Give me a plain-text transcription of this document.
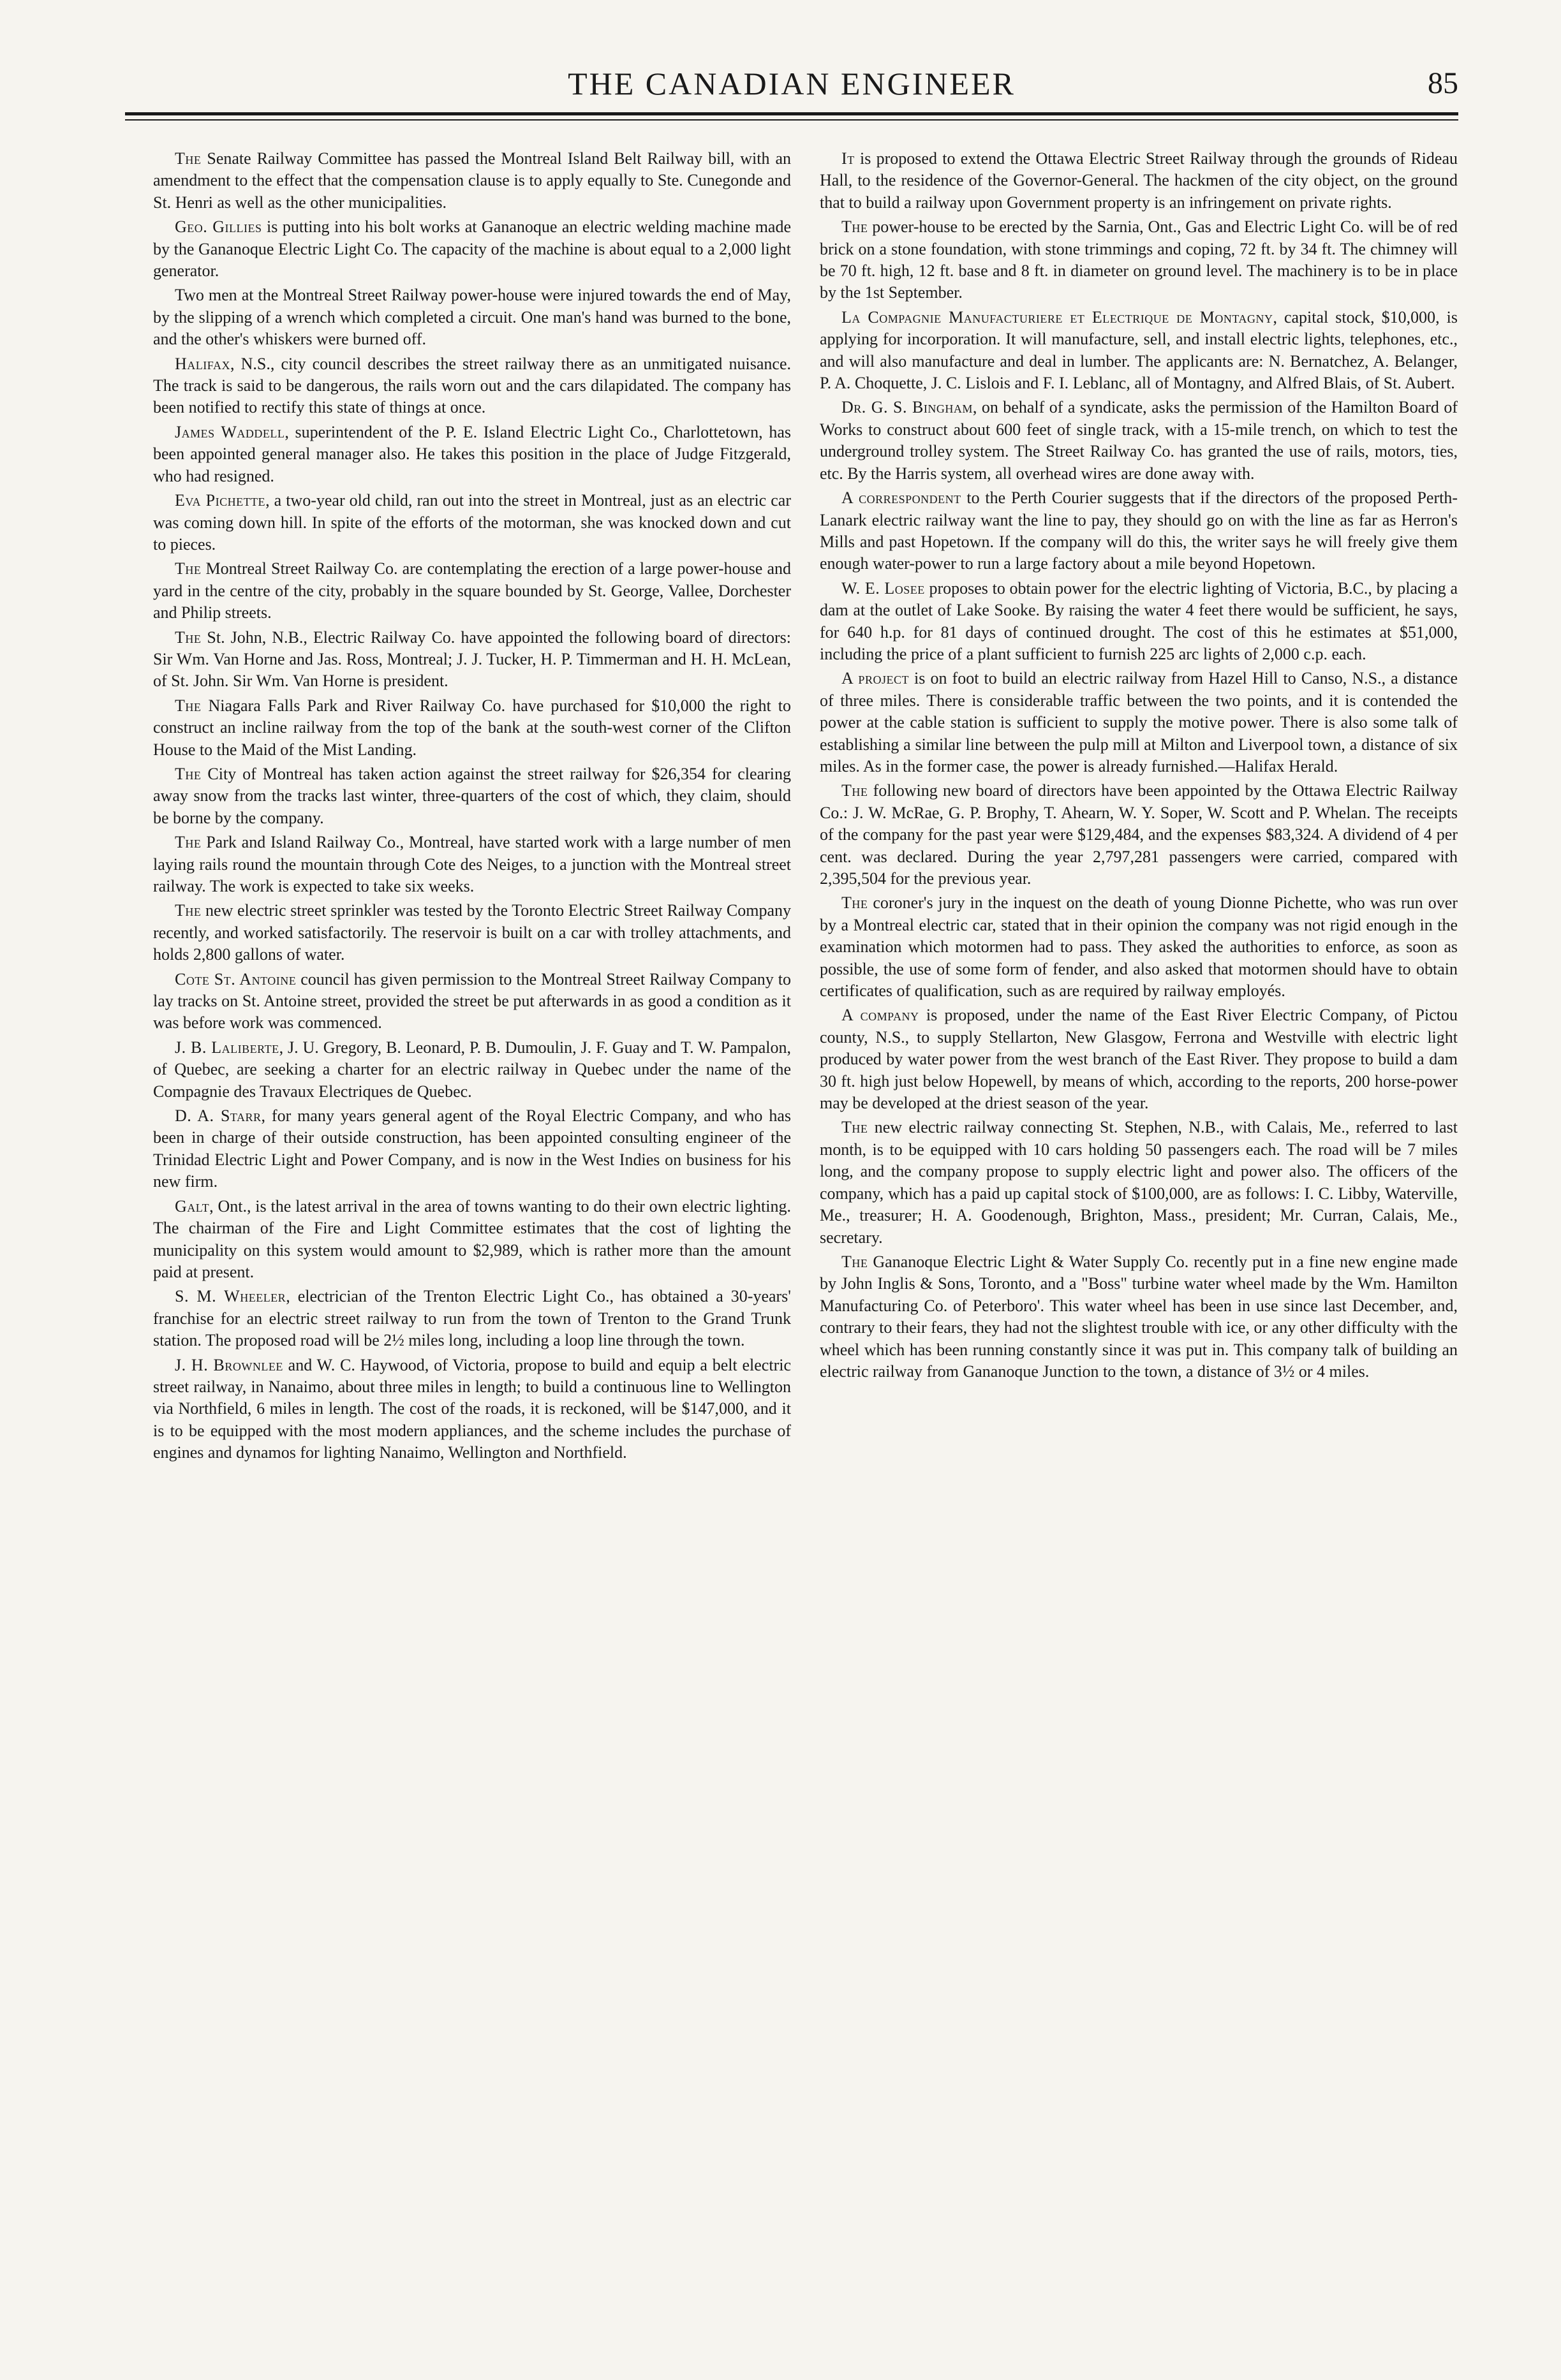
THE CANADIAN ENGINEER	85

The Senate Railway Committee has passed the Montreal Island Belt Railway bill, with an amendment to the effect that the compensation clause is to apply equally to Ste. Cunegonde and St. Henri as well as the other municipalities.

Geo. Gillies is putting into his bolt works at Gananoque an electric welding machine made by the Gananoque Electric Light Co. The capacity of the machine is about equal to a 2,000 light generator.

Two men at the Montreal Street Railway power-house were injured towards the end of May, by the slipping of a wrench which completed a circuit. One man's hand was burned to the bone, and the other's whiskers were burned off.

Halifax, N.S., city council describes the street railway there as an unmitigated nuisance. The track is said to be dangerous, the rails worn out and the cars dilapidated. The company has been notified to rectify this state of things at once.

James Waddell, superintendent of the P. E. Island Electric Light Co., Charlottetown, has been appointed general manager also. He takes this position in the place of Judge Fitzgerald, who had resigned.

Eva Pichette, a two-year old child, ran out into the street in Montreal, just as an electric car was coming down hill. In spite of the efforts of the motorman, she was knocked down and cut to pieces.

The Montreal Street Railway Co. are contemplating the erection of a large power-house and yard in the centre of the city, probably in the square bounded by St. George, Vallee, Dorchester and Philip streets.

The St. John, N.B., Electric Railway Co. have appointed the following board of directors: Sir Wm. Van Horne and Jas. Ross, Montreal; J. J. Tucker, H. P. Timmerman and H. H. McLean, of St. John. Sir Wm. Van Horne is president.

The Niagara Falls Park and River Railway Co. have purchased for $10,000 the right to construct an incline railway from the top of the bank at the south-west corner of the Clifton House to the Maid of the Mist Landing.

The City of Montreal has taken action against the street railway for $26,354 for clearing away snow from the tracks last winter, three-quarters of the cost of which, they claim, should be borne by the company.

The Park and Island Railway Co., Montreal, have started work with a large number of men laying rails round the mountain through Cote des Neiges, to a junction with the Montreal street railway. The work is expected to take six weeks.

The new electric street sprinkler was tested by the Toronto Electric Street Railway Company recently, and worked satisfactorily. The reservoir is built on a car with trolley attachments, and holds 2,800 gallons of water.

Cote St. Antoine council has given permission to the Montreal Street Railway Company to lay tracks on St. Antoine street, provided the street be put afterwards in as good a condition as it was before work was commenced.

J. B. Laliberte, J. U. Gregory, B. Leonard, P. B. Dumoulin, J. F. Guay and T. W. Pampalon, of Quebec, are seeking a charter for an electric railway in Quebec under the name of the Compagnie des Travaux Electriques de Quebec.

D. A. Starr, for many years general agent of the Royal Electric Company, and who has been in charge of their outside construction, has been appointed consulting engineer of the Trinidad Electric Light and Power Company, and is now in the West Indies on business for his new firm.

Galt, Ont., is the latest arrival in the area of towns wanting to do their own electric lighting. The chairman of the Fire and Light Committee estimates that the cost of lighting the municipality on this system would amount to $2,989, which is rather more than the amount paid at present.

S. M. Wheeler, electrician of the Trenton Electric Light Co., has obtained a 30-years' franchise for an electric street railway to run from the town of Trenton to the Grand Trunk station. The proposed road will be 2½ miles long, including a loop line through the town.

J. H. Brownlee and W. C. Haywood, of Victoria, propose to build and equip a belt electric street railway, in Nanaimo, about three miles in length; to build a continuous line to Wellington via Northfield, 6 miles in length. The cost of the roads, it is reckoned, will be $147,000, and it is to be equipped with the most modern appliances, and the scheme includes the purchase of engines and dynamos for lighting Nanaimo, Wellington and Northfield.

It is proposed to extend the Ottawa Electric Street Railway through the grounds of Rideau Hall, to the residence of the Governor-General. The hackmen of the city object, on the ground that to build a railway upon Government property is an infringement on private rights.

The power-house to be erected by the Sarnia, Ont., Gas and Electric Light Co. will be of red brick on a stone foundation, with stone trimmings and coping, 72 ft. by 34 ft. The chimney will be 70 ft. high, 12 ft. base and 8 ft. in diameter on ground level. The machinery is to be in place by the 1st September.

La Compagnie Manufacturiere et Electrique de Montagny, capital stock, $10,000, is applying for incorporation. It will manufacture, sell, and install electric lights, telephones, etc., and will also manufacture and deal in lumber. The applicants are: N. Bernatchez, A. Belanger, P. A. Choquette, J. C. Lislois and F. I. Leblanc, all of Montagny, and Alfred Blais, of St. Aubert.

Dr. G. S. Bingham, on behalf of a syndicate, asks the permission of the Hamilton Board of Works to construct about 600 feet of single track, with a 15-mile trench, on which to test the underground trolley system. The Street Railway Co. has granted the use of rails, motors, ties, etc. By the Harris system, all overhead wires are done away with.

A correspondent to the Perth Courier suggests that if the directors of the proposed Perth-Lanark electric railway want the line to pay, they should go on with the line as far as Herron's Mills and past Hopetown. If the company will do this, the writer says he will freely give them enough water-power to run a large factory about a mile beyond Hopetown.

W. E. Losee proposes to obtain power for the electric lighting of Victoria, B.C., by placing a dam at the outlet of Lake Sooke. By raising the water 4 feet there would be sufficient, he says, for 640 h.p. for 81 days of continued drought. The cost of this he estimates at $51,000, including the price of a plant sufficient to furnish 225 arc lights of 2,000 c.p. each.

A project is on foot to build an electric railway from Hazel Hill to Canso, N.S., a distance of three miles. There is considerable traffic between the two points, and it is contended the power at the cable station is sufficient to supply the motive power. There is also some talk of establishing a similar line between the pulp mill at Milton and Liverpool town, a distance of six miles. As in the former case, the power is already furnished.—Halifax Herald.

The following new board of directors have been appointed by the Ottawa Electric Railway Co.: J. W. McRae, G. P. Brophy, T. Ahearn, W. Y. Soper, W. Scott and P. Whelan. The receipts of the company for the past year were $129,484, and the expenses $83,324. A dividend of 4 per cent. was declared. During the year 2,797,281 passengers were carried, compared with 2,395,504 for the previous year.

The coroner's jury in the inquest on the death of young Dionne Pichette, who was run over by a Montreal electric car, stated that in their opinion the company was not rigid enough in the examination which motormen had to pass. They asked the authorities to enforce, as soon as possible, the use of some form of fender, and also asked that motormen should have to obtain certificates of qualification, such as are required by railway employés.

A company is proposed, under the name of the East River Electric Company, of Pictou county, N.S., to supply Stellarton, New Glasgow, Ferrona and Westville with electric light produced by water power from the west branch of the East River. They propose to build a dam 30 ft. high just below Hopewell, by means of which, according to the reports, 200 horse-power may be developed at the driest season of the year.

The new electric railway connecting St. Stephen, N.B., with Calais, Me., referred to last month, is to be equipped with 10 cars holding 50 passengers each. The road will be 7 miles long, and the company propose to supply electric light and power also. The officers of the company, which has a paid up capital stock of $100,000, are as follows: I. C. Libby, Waterville, Me., treasurer; H. A. Goodenough, Brighton, Mass., president; Mr. Curran, Calais, Me., secretary.

The Gananoque Electric Light & Water Supply Co. recently put in a fine new engine made by John Inglis & Sons, Toronto, and a "Boss" turbine water wheel made by the Wm. Hamilton Manufacturing Co. of Peterboro'. This water wheel has been in use since last December, and, contrary to their fears, they had not the slightest trouble with ice, or any other difficulty with the wheel which has been running constantly since it was put in. This company talk of building an electric railway from Gananoque Junction to the town, a distance of 3½ or 4 miles.
